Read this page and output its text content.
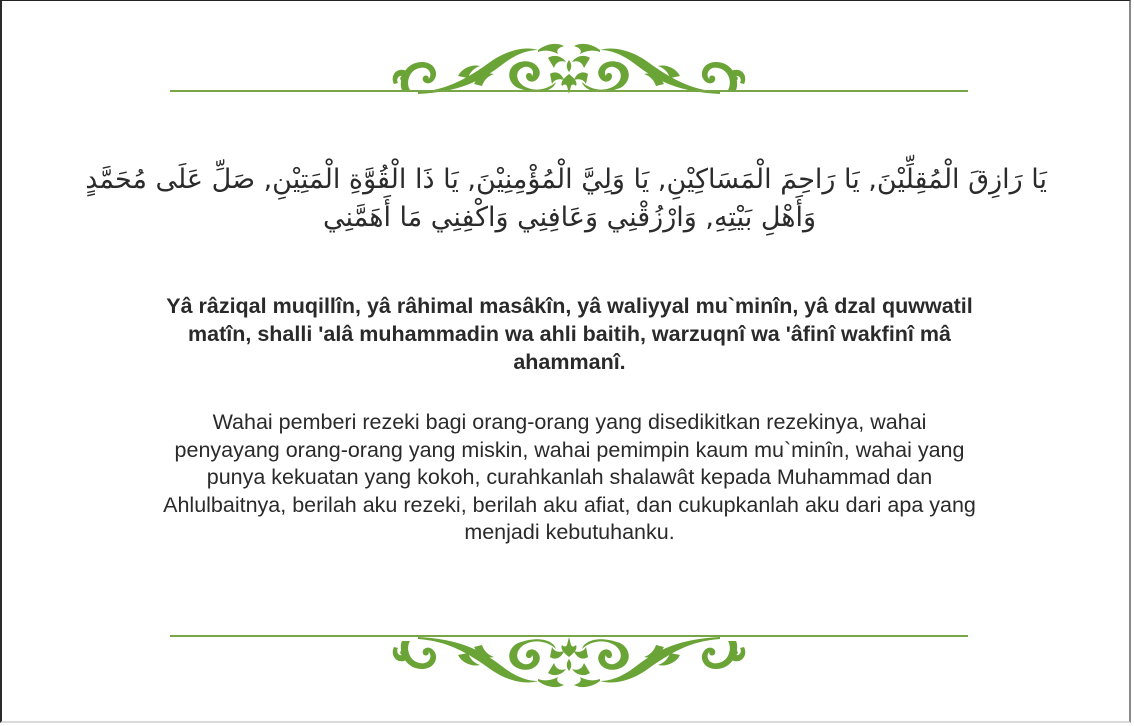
يَا رَازِقَ الْمُقِلِّيْنَ, يَا رَاحِمَ الْمَسَاكِيْنِ, يَا وَلِيَّ الْمُؤْمِنِيْنَ, يَا ذَا الْقُوَّةِ الْمَتِيْنِ, صَلِّ عَلَى مُحَمَّدٍ
وَأَهْلِ بَيْتِهِ, وَارْزُقْنِي وَعَافِنِي وَاكْفِنِي مَا أَهَمَّنِي
Yâ râziqal muqillîn, yâ râhimal masâkîn, yâ waliyyal mu`minîn, yâ dzal quwwatil
matîn, shalli 'alâ muhammadin wa ahli baitih, warzuqnî wa 'âfinî wakfinî mâ
ahammanî.
Wahai pemberi rezeki bagi orang-orang yang disedikitkan rezekinya, wahai
penyayang orang-orang yang miskin, wahai pemimpin kaum mu`minîn, wahai yang
punya kekuatan yang kokoh, curahkanlah shalawât kepada Muhammad dan
Ahlulbaitnya, berilah aku rezeki, berilah aku afiat, dan cukupkanlah aku dari apa yang
menjadi kebutuhanku.
